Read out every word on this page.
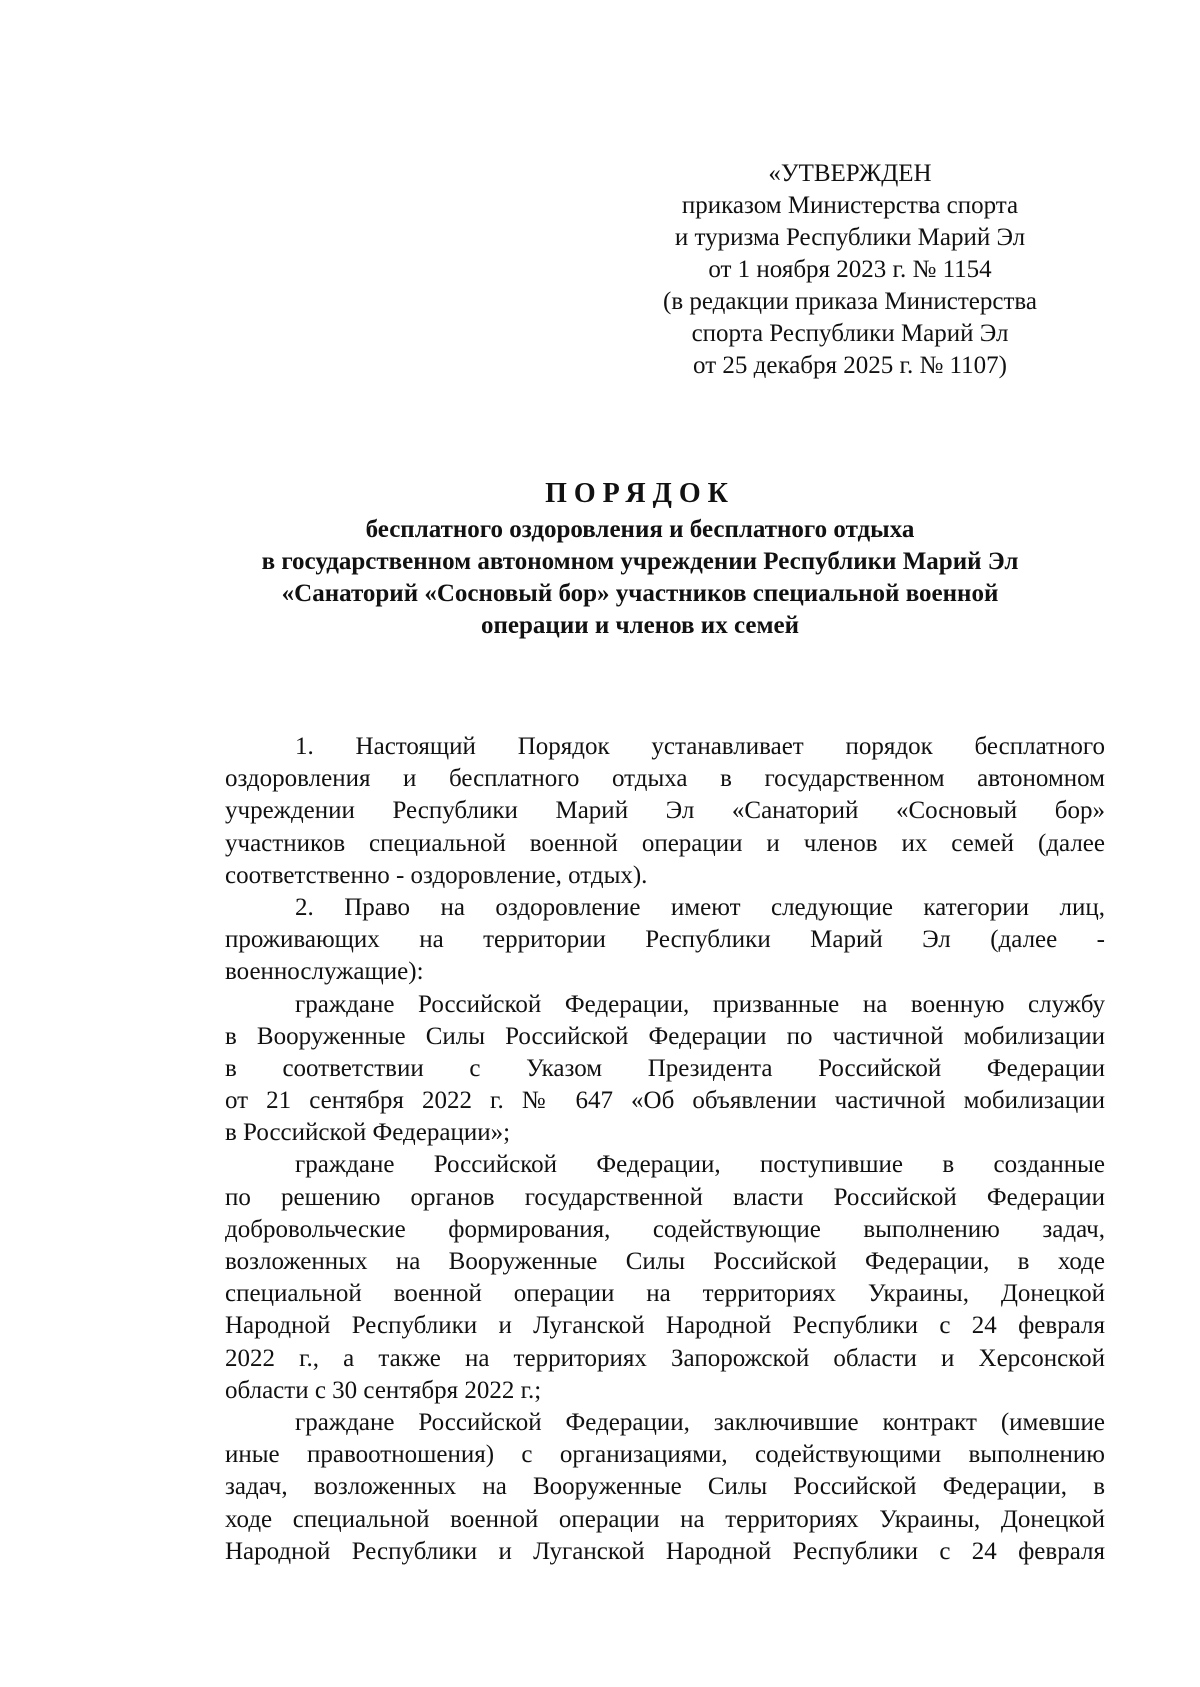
«УТВЕРЖДЕН
приказом Министерства спорта
и туризма Республики Марий Эл
от 1 ноября 2023 г. № 1154
(в редакции приказа Министерства
спорта Республики Марий Эл
от 25 декабря 2025 г. № 1107)
ПОРЯДОК
бесплатного оздоровления и бесплатного отдыха
в государственном автономном учреждении Республики Марий Эл
«Санаторий «Сосновый бор» участников специальной военной
операции и членов их семей
1. Настоящий Порядок устанавливает порядок бесплатного
оздоровления и бесплатного отдыха в государственном автономном
учреждении Республики Марий Эл «Санаторий «Сосновый бор»
участников специальной военной операции и членов их семей (далее
соответственно - оздоровление, отдых).
2. Право на оздоровление имеют следующие категории лиц,
проживающих на территории Республики Марий Эл (далее -
военнослужащие):
граждане Российской Федерации, призванные на военную службу
в Вооруженные Силы Российской Федерации по частичной мобилизации
в соответствии с Указом Президента Российской Федерации
от 21 сентября 2022 г. № 647 «Об объявлении частичной мобилизации
в Российской Федерации»;
граждане Российской Федерации, поступившие в созданные
по решению органов государственной власти Российской Федерации
добровольческие формирования, содействующие выполнению задач,
возложенных на Вооруженные Силы Российской Федерации, в ходе
специальной военной операции на территориях Украины, Донецкой
Народной Республики и Луганской Народной Республики с 24 февраля
2022 г., а также на территориях Запорожской области и Херсонской
области с 30 сентября 2022 г.;
граждане Российской Федерации, заключившие контракт (имевшие
иные правоотношения) с организациями, содействующими выполнению
задач, возложенных на Вооруженные Силы Российской Федерации, в
ходе специальной военной операции на территориях Украины, Донецкой
Народной Республики и Луганской Народной Республики с 24 февраля
